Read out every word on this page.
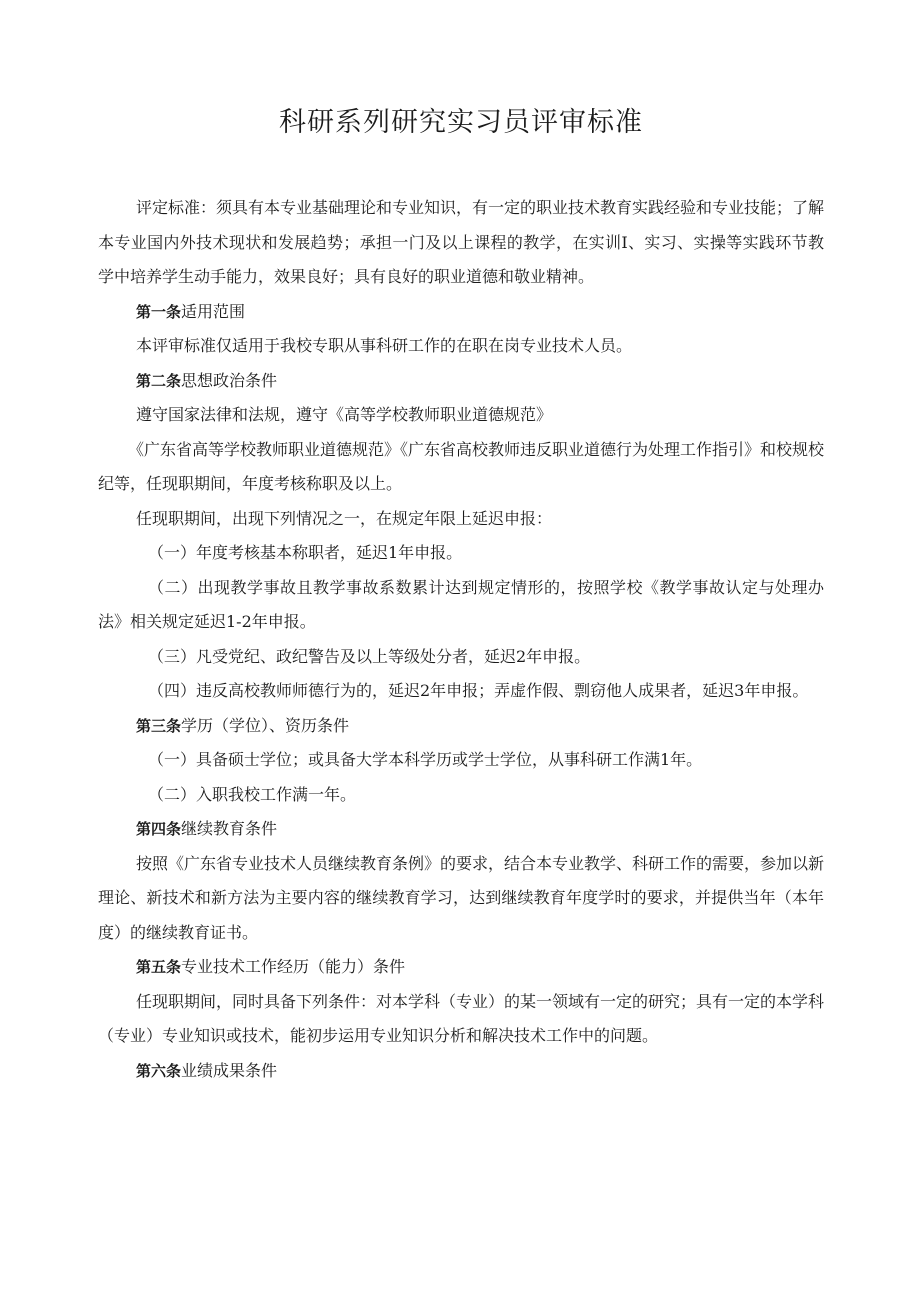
科研系列研究实习员评审标准

评定标准：须具有本专业基础理论和专业知识，有一定的职业技术教育实践经验和专业技能；了解本专业国内外技术现状和发展趋势；承担一门及以上课程的教学，在实训I、实习、实操等实践环节教学中培养学生动手能力，效果良好；具有良好的职业道德和敬业精神。

第一条适用范围

本评审标准仅适用于我校专职从事科研工作的在职在岗专业技术人员。

第二条思想政治条件

遵守国家法律和法规，遵守《高等学校教师职业道德规范》

《广东省高等学校教师职业道德规范》《广东省高校教师违反职业道德行为处理工作指引》和校规校纪等，任现职期间，年度考核称职及以上。

任现职期间，出现下列情况之一，在规定年限上延迟申报：

（一）年度考核基本称职者，延迟1年申报。

（二）出现教学事故且教学事故系数累计达到规定情形的，按照学校《教学事故认定与处理办法》相关规定延迟1-2年申报。

（三）凡受党纪、政纪警告及以上等级处分者，延迟2年申报。

（四）违反高校教师师德行为的，延迟2年申报；弄虚作假、剽窃他人成果者，延迟3年申报。

第三条学历（学位）、资历条件

（一）具备硕士学位；或具备大学本科学历或学士学位，从事科研工作满1年。

（二）入职我校工作满一年。

第四条继续教育条件

按照《广东省专业技术人员继续教育条例》的要求，结合本专业教学、科研工作的需要，参加以新理论、新技术和新方法为主要内容的继续教育学习，达到继续教育年度学时的要求，并提供当年（本年度）的继续教育证书。

第五条专业技术工作经历（能力）条件

任现职期间，同时具备下列条件：对本学科（专业）的某一领域有一定的研究；具有一定的本学科（专业）专业知识或技术，能初步运用专业知识分析和解决技术工作中的问题。

第六条业绩成果条件
